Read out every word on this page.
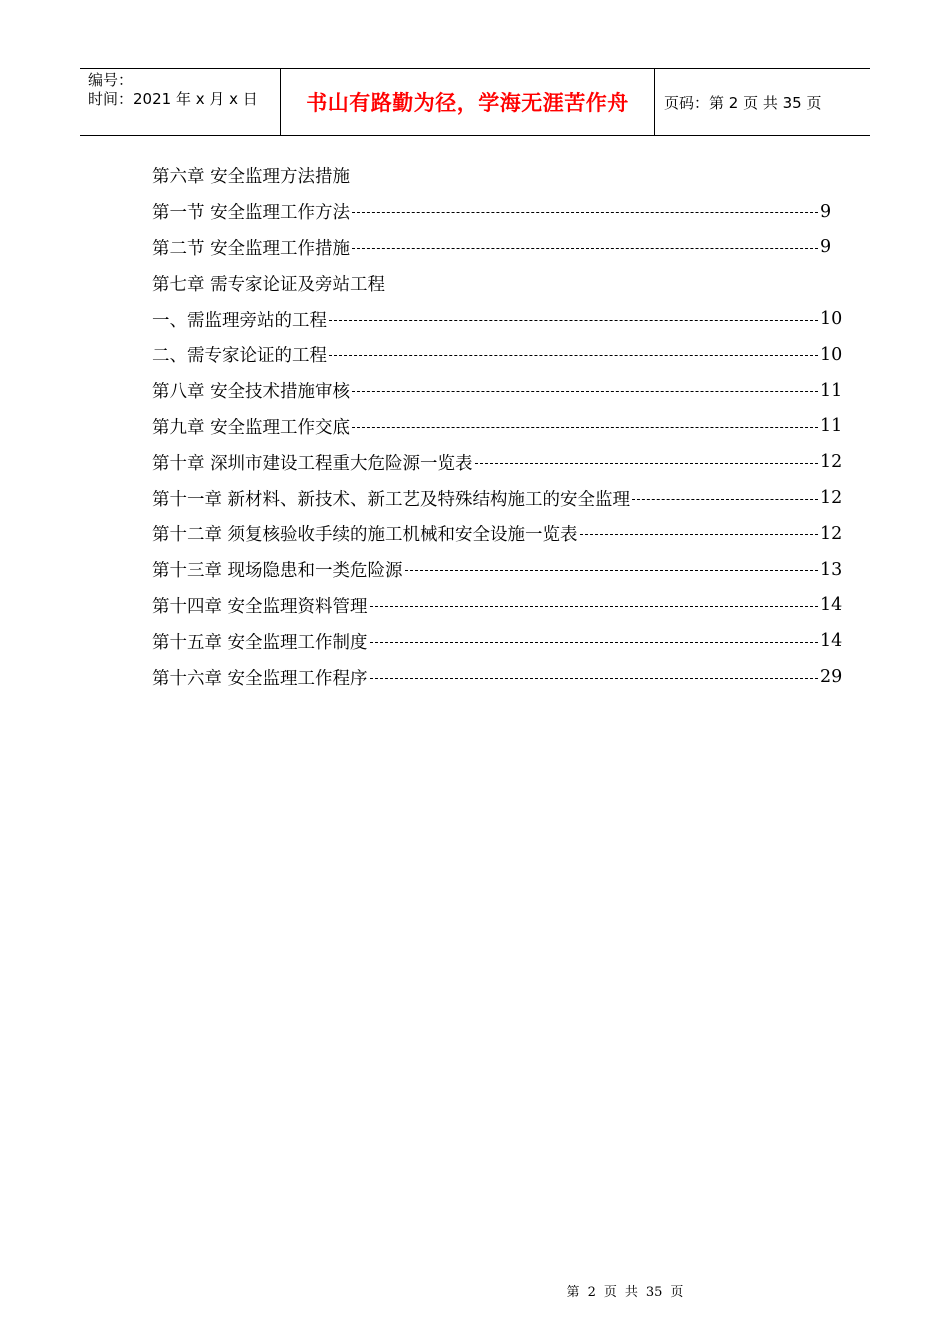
编号：
时间：2021 年 x 月 x 日	书山有路勤为径，学海无涯苦作舟	页码：第 2 页 共 35 页
第六章 安全监理方法措施
第一节 安全监理工作方法	9
第二节 安全监理工作措施	9
第七章 需专家论证及旁站工程
一、需监理旁站的工程	10
二、需专家论证的工程	10
第八章 安全技术措施审核	11
第九章 安全监理工作交底	11
第十章 深圳市建设工程重大危险源一览表	12
第十一章 新材料、新技术、新工艺及特殊结构施工的安全监理	12
第十二章 须复核验收手续的施工机械和安全设施一览表	12
第十三章 现场隐患和一类危险源	13
第十四章 安全监理资料管理	14
第十五章 安全监理工作制度	14
第十六章 安全监理工作程序	29
第 2 页 共 35 页
